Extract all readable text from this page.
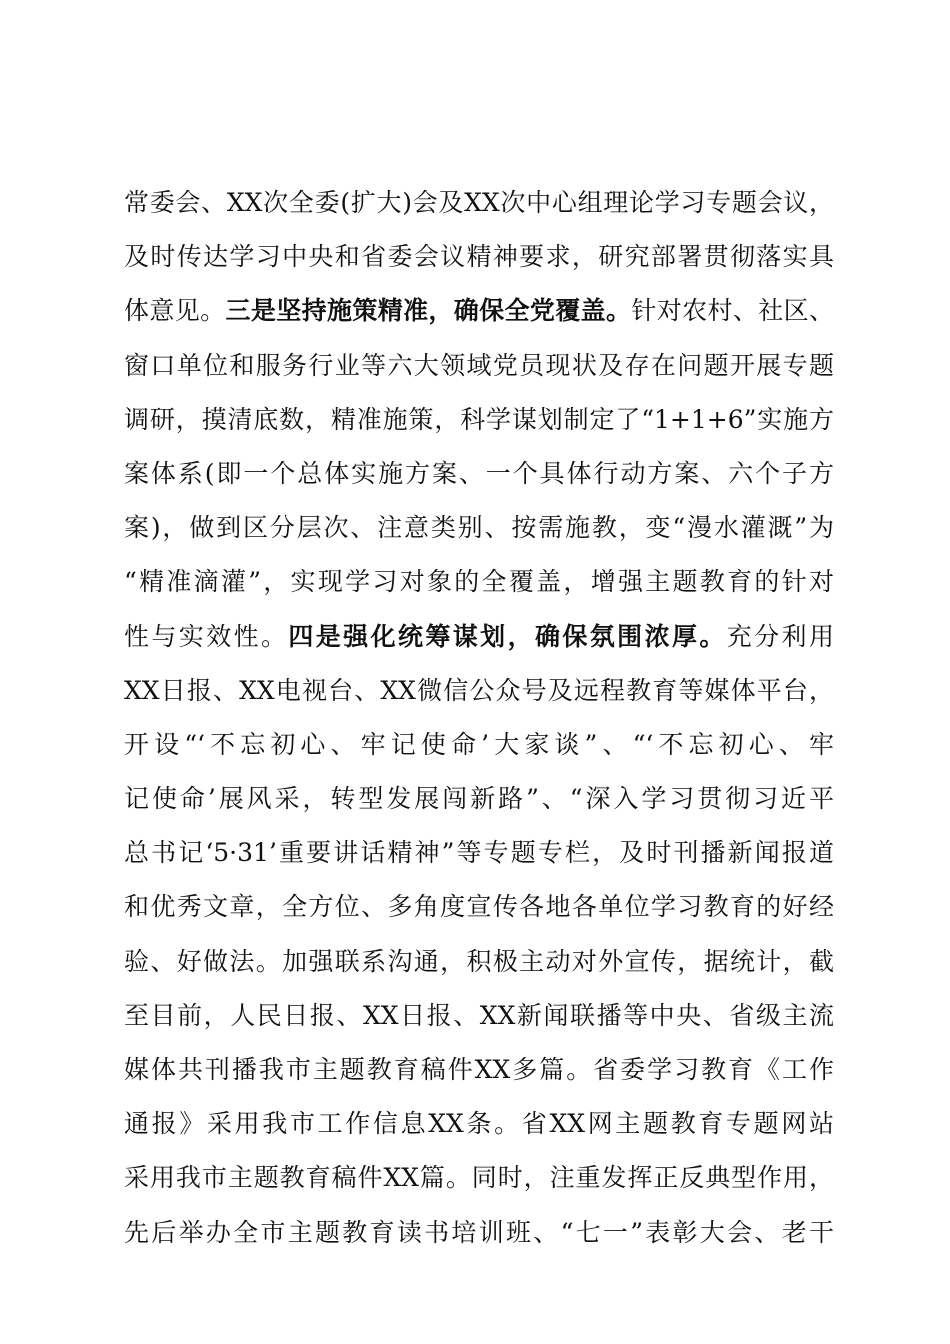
常委会、XX次全委(扩大)会及XX次中心组理论学习专题会议，
及时传达学习中央和省委会议精神要求，研究部署贯彻落实具
体意见。三是坚持施策精准，确保全党覆盖。针对农村、社区、
窗口单位和服务行业等六大领域党员现状及存在问题开展专题
调研，摸清底数，精准施策，科学谋划制定了“1+1+6”实施方
案体系(即一个总体实施方案、一个具体行动方案、六个子方
案)，做到区分层次、注意类别、按需施教，变“漫水灌溉”为
“精准滴灌”，实现学习对象的全覆盖，增强主题教育的针对
性与实效性。四是强化统筹谋划，确保氛围浓厚。充分利用
XX日报、XX电视台、XX微信公众号及远程教育等媒体平台，
开设“‘不忘初心、牢记使命’大家谈”、“‘不忘初心、牢
记使命’展风采，转型发展闯新路”、“深入学习贯彻习近平
总书记‘5·31’重要讲话精神”等专题专栏，及时刊播新闻报道
和优秀文章，全方位、多角度宣传各地各单位学习教育的好经
验、好做法。加强联系沟通，积极主动对外宣传，据统计，截
至目前，人民日报、XX日报、XX新闻联播等中央、省级主流
媒体共刊播我市主题教育稿件XX多篇。省委学习教育《工作
通报》采用我市工作信息XX条。省XX网主题教育专题网站
采用我市主题教育稿件XX篇。同时，注重发挥正反典型作用，
先后举办全市主题教育读书培训班、“七一”表彰大会、老干
